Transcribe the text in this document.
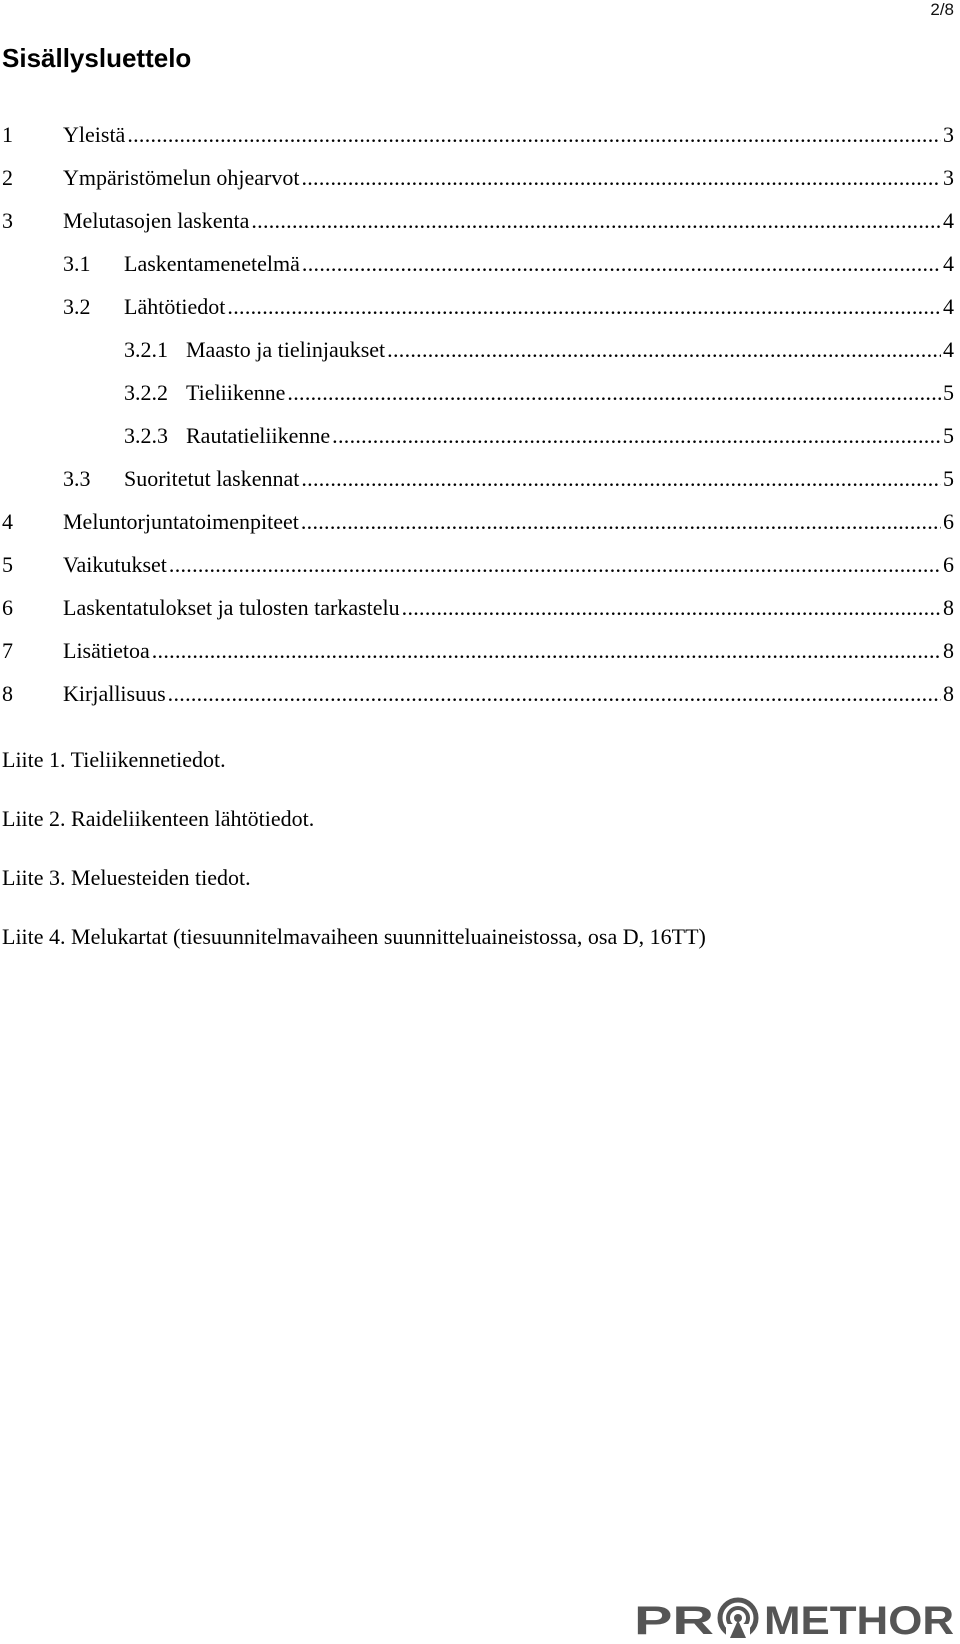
2/8
Sisällysluettelo
1	Yleistä . . .	3
2	Ympäristömelun ohjearvot . . .	3
3	Melutasojen laskenta . . .	4
3.1	Laskentamenetelmä . . .	4
3.2	Lähtötiedot . . .	4
3.2.1 Maasto ja tielinjaukset . . .	4
3.2.2 Tieliikenne . . .	5
3.2.3 Rautatieliikenne . . .	5
3.3	Suoritetut laskennat . . .	5
4	Meluntorjuntatoimenpiteet . . .	6
5	Vaikutukset . . .	6
6	Laskentatulokset ja tulosten tarkastelu . . .	8
7	Lisätietoa . . .	8
8	Kirjallisuus . . .	8
Liite 1. Tieliikennetiedot.
Liite 2. Raideliikenteen lähtötiedot.
Liite 3. Meluesteiden tiedot.
Liite 4. Melukartat (tiesuunnitelmavaiheen suunnitteluaineistossa, osa D, 16TT)
PR METHOR
